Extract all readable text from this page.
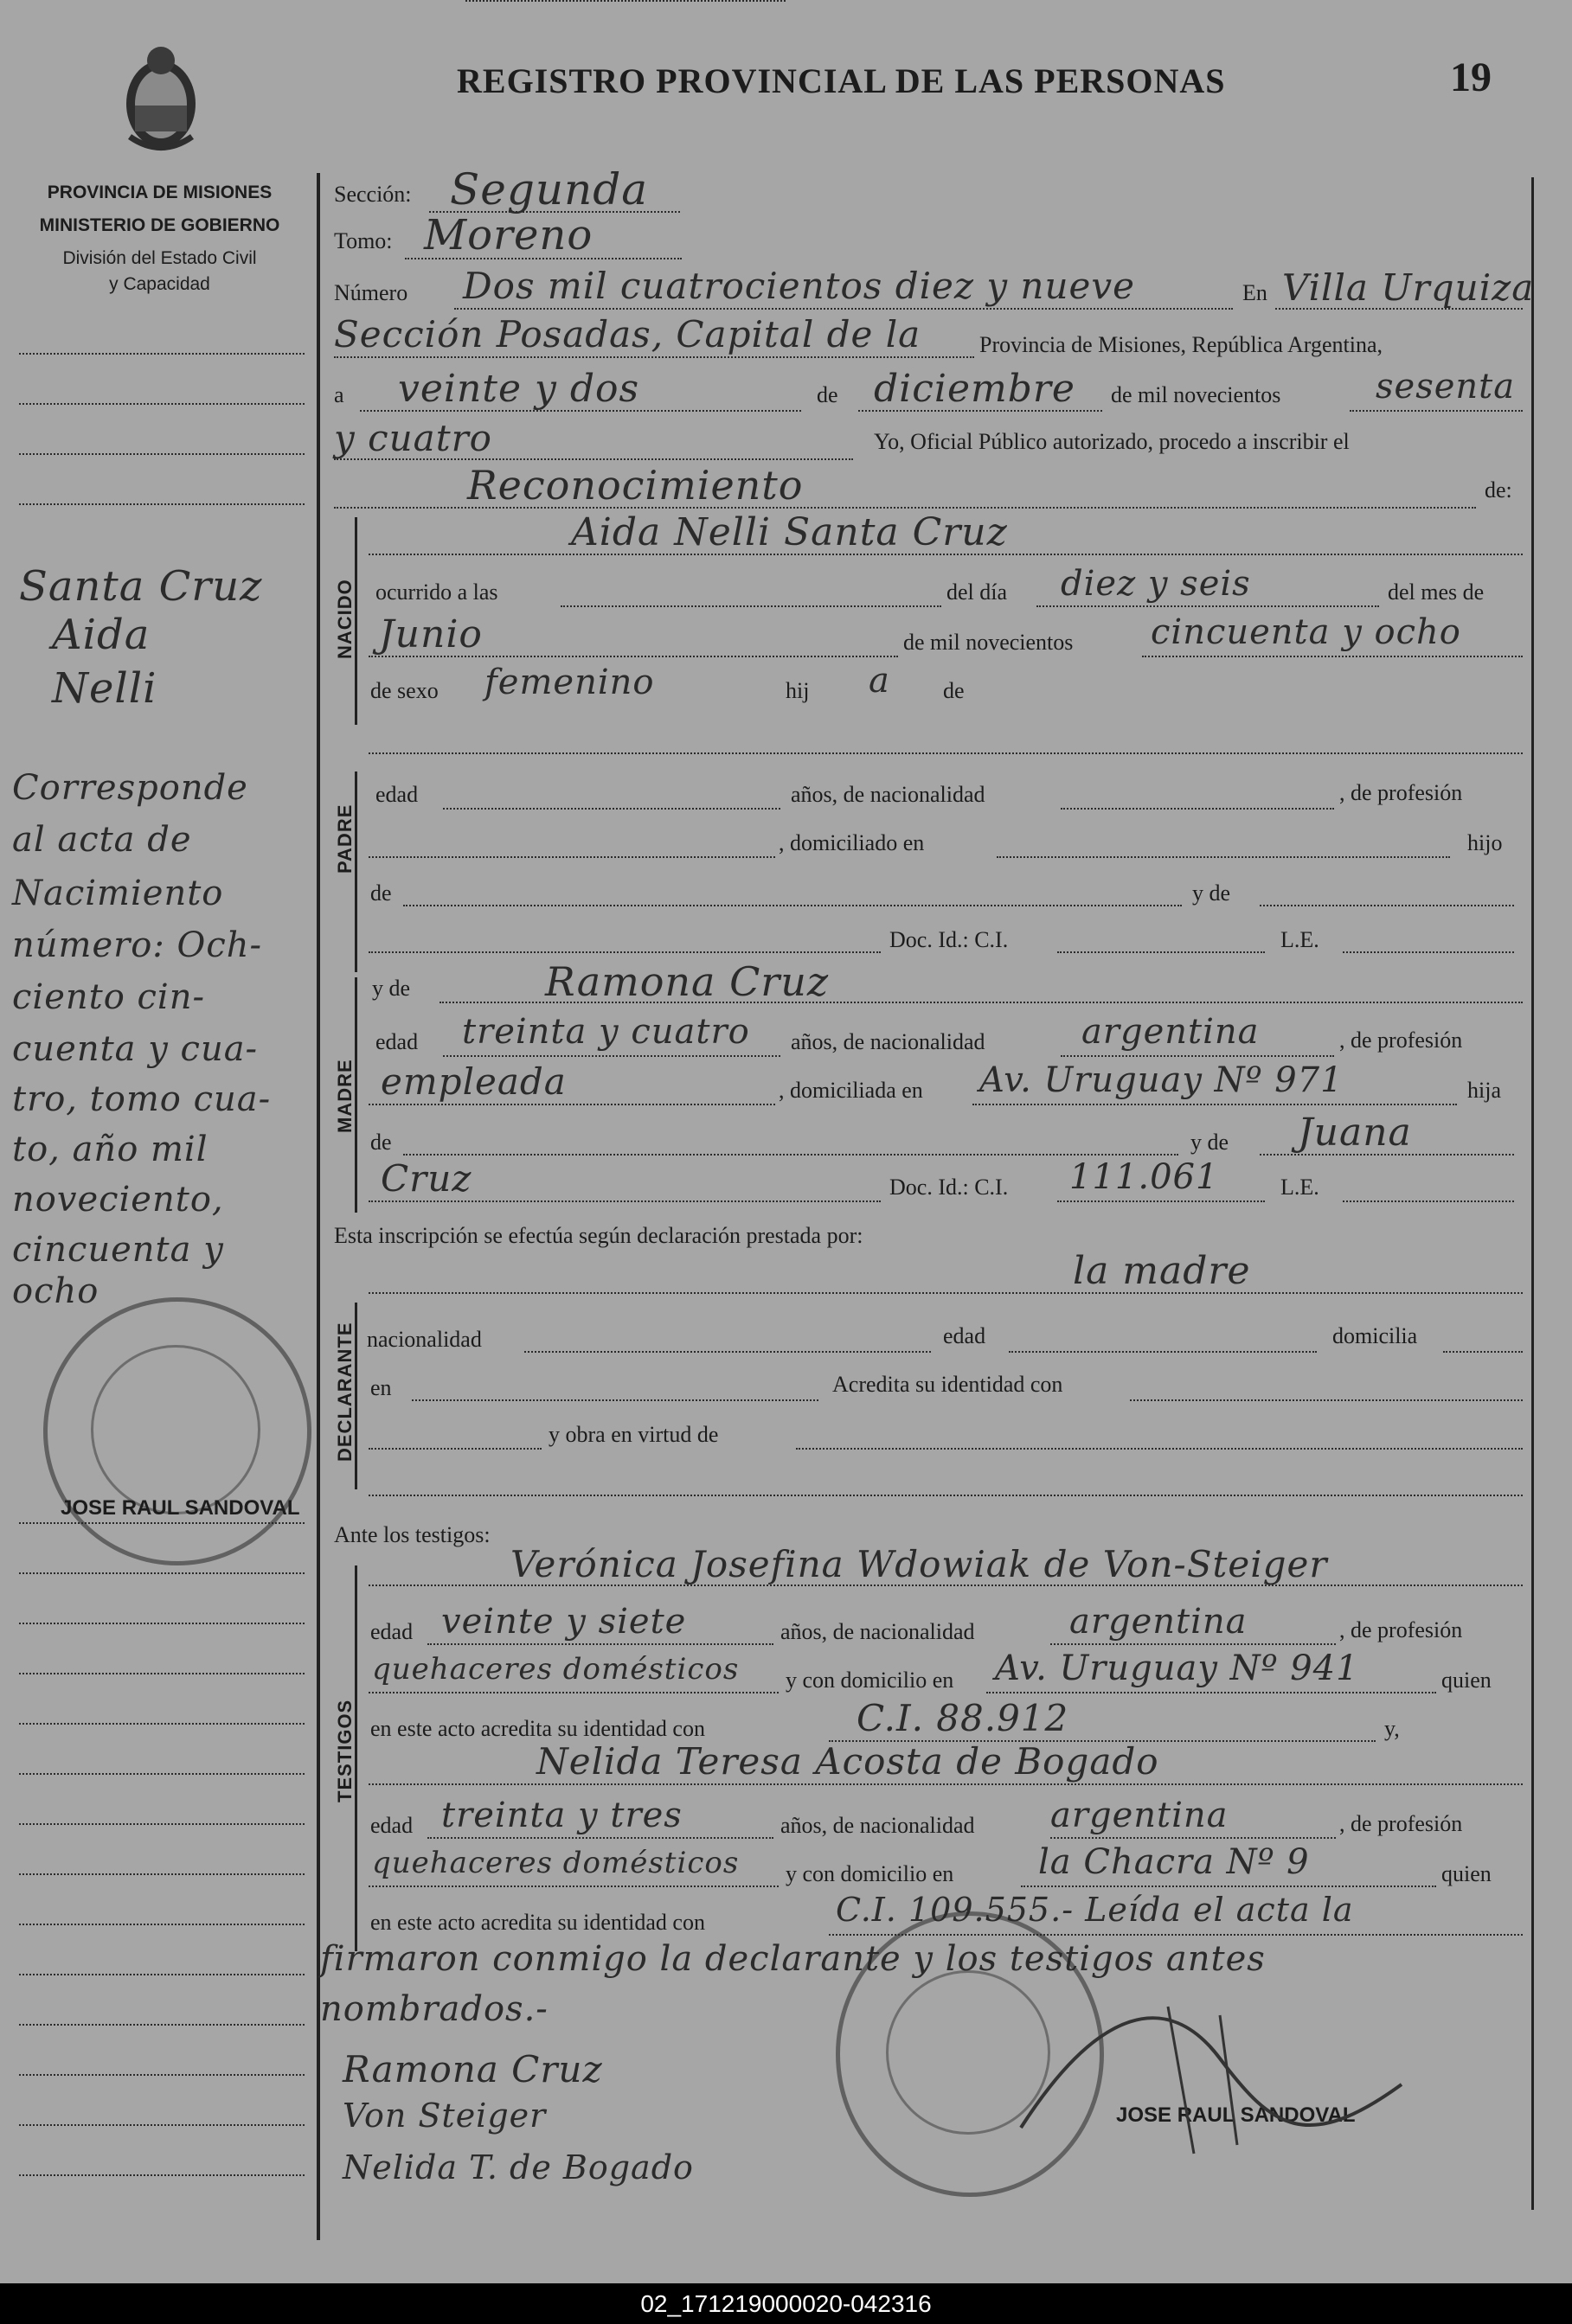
REGISTRO PROVINCIAL DE LAS PERSONAS	19
PROVINCIA DE MISIONES
MINISTERIO DE GOBIERNO
División del Estado Civil
y Capacidad
Santa Cruz
Aida
Nelli
Corresponde
al acta de
Nacimiento
número: Och-
ciento cin-
cuenta y cua-
tro, tomo cua-
to, año mil
noveciento,
cincuenta y
ocho
JOSE RAUL SANDOVAL
Sección: Segunda
Tomo: Moreno
Número Dos mil cuatrocientos diez y nueve	En Villa Urquiza
Sección Posadas, Capital de la	Provincia de Misiones, República Argentina,
a veinte y dos	de diciembre de mil novecientos	sesenta
y cuatro	Yo, Oficial Público autorizado, procedo a inscribir el
Reconocimiento	de:
NACIDO
Aida Nelli Santa Cruz
ocurrido a las	del día diez y seis	del mes de
Junio	de mil novecientos cincuenta y ocho
de sexo femenino	hij a de
PADRE
edad	años, de nacionalidad	, de profesión
, domiciliado en	hijo
de	y de
Doc. Id.: C.I.	L.E.
MADRE
y de	Ramona Cruz
edad treinta y cuatro años, de nacionalidad	argentina	, de profesión
empleada	, domiciliada en Av. Uruguay Nº 971	hija
de	y de Juana
Cruz	Doc. Id.: C.I. 111.061	L.E.
Esta inscripción se efectúa según declaración prestada por:
la madre
DECLARANTE nacionalidad	edad	domicilia
en	Acredita su identidad con
y obra en virtud de
Ante los testigos:
Verónica Josefina Wdowiak de Von-Steiger
TESTIGOS
edad veinte y siete	años, de nacionalidad	argentina	, de profesión
quehaceres domésticos y con domicilio en Av. Uruguay Nº 941	quien
en este acto acredita su identidad con	C.I. 88.912	y,
Nelida Teresa Acosta de Bogado
edad treinta y tres	años, de nacionalidad argentina	, de profesión
quehaceres domésticos y con domicilio en la Chacra Nº 9	quien
en este acto acredita su identidad con	C.I. 109.555.- Leída el acta la
firmaron conmigo la declarante y los testigos antes
nombrados.-
Ramona Cruz
Von Steiger
Nelida T. de Bogado
JOSE RAUL SANDOVAL
02_171219000020-042316
